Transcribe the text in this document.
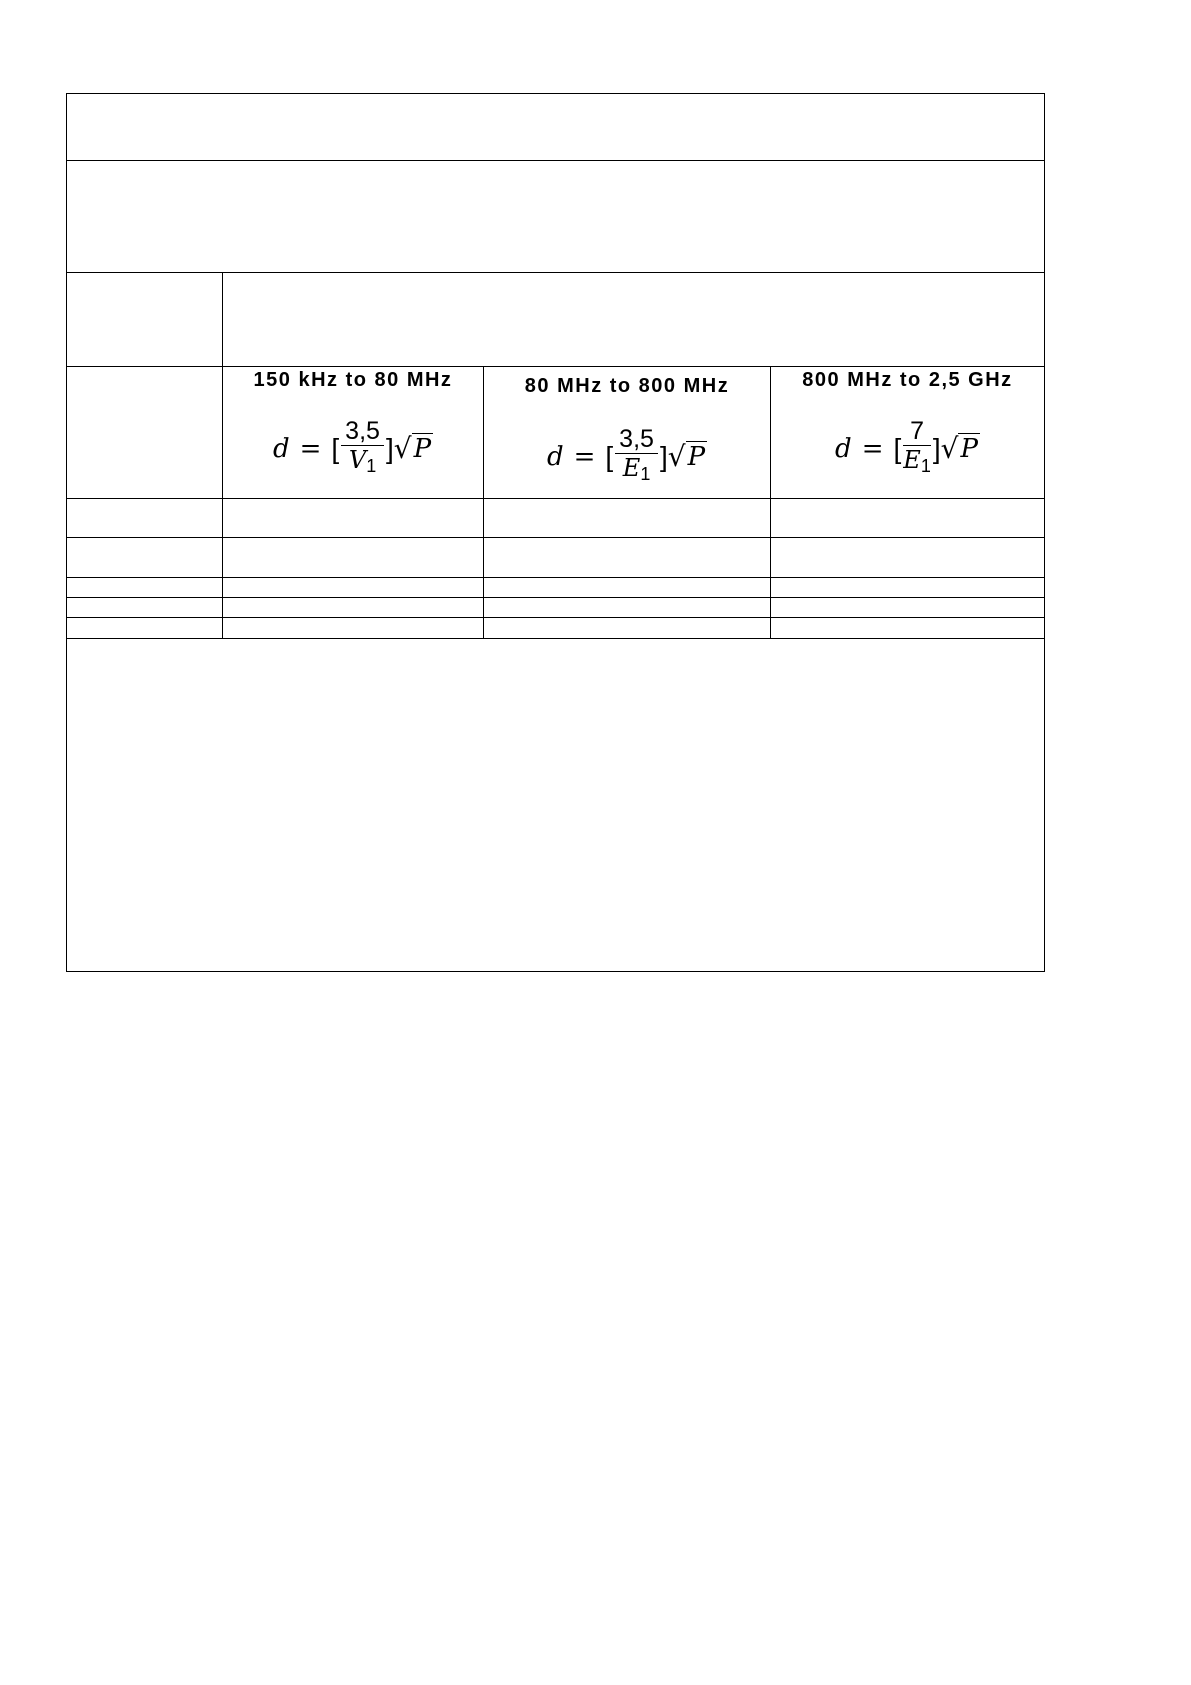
150 kHz to 80 MHz
d = [ $\frac{3,5}{V_1}$ ] √ P
80 MHz to 800 MHz
d = [ $\frac{3,5}{E_1}$ ] √ P
800 MHz to 2,5 GHz
d = [ $\frac{7}{E_1}$ ] √ P
